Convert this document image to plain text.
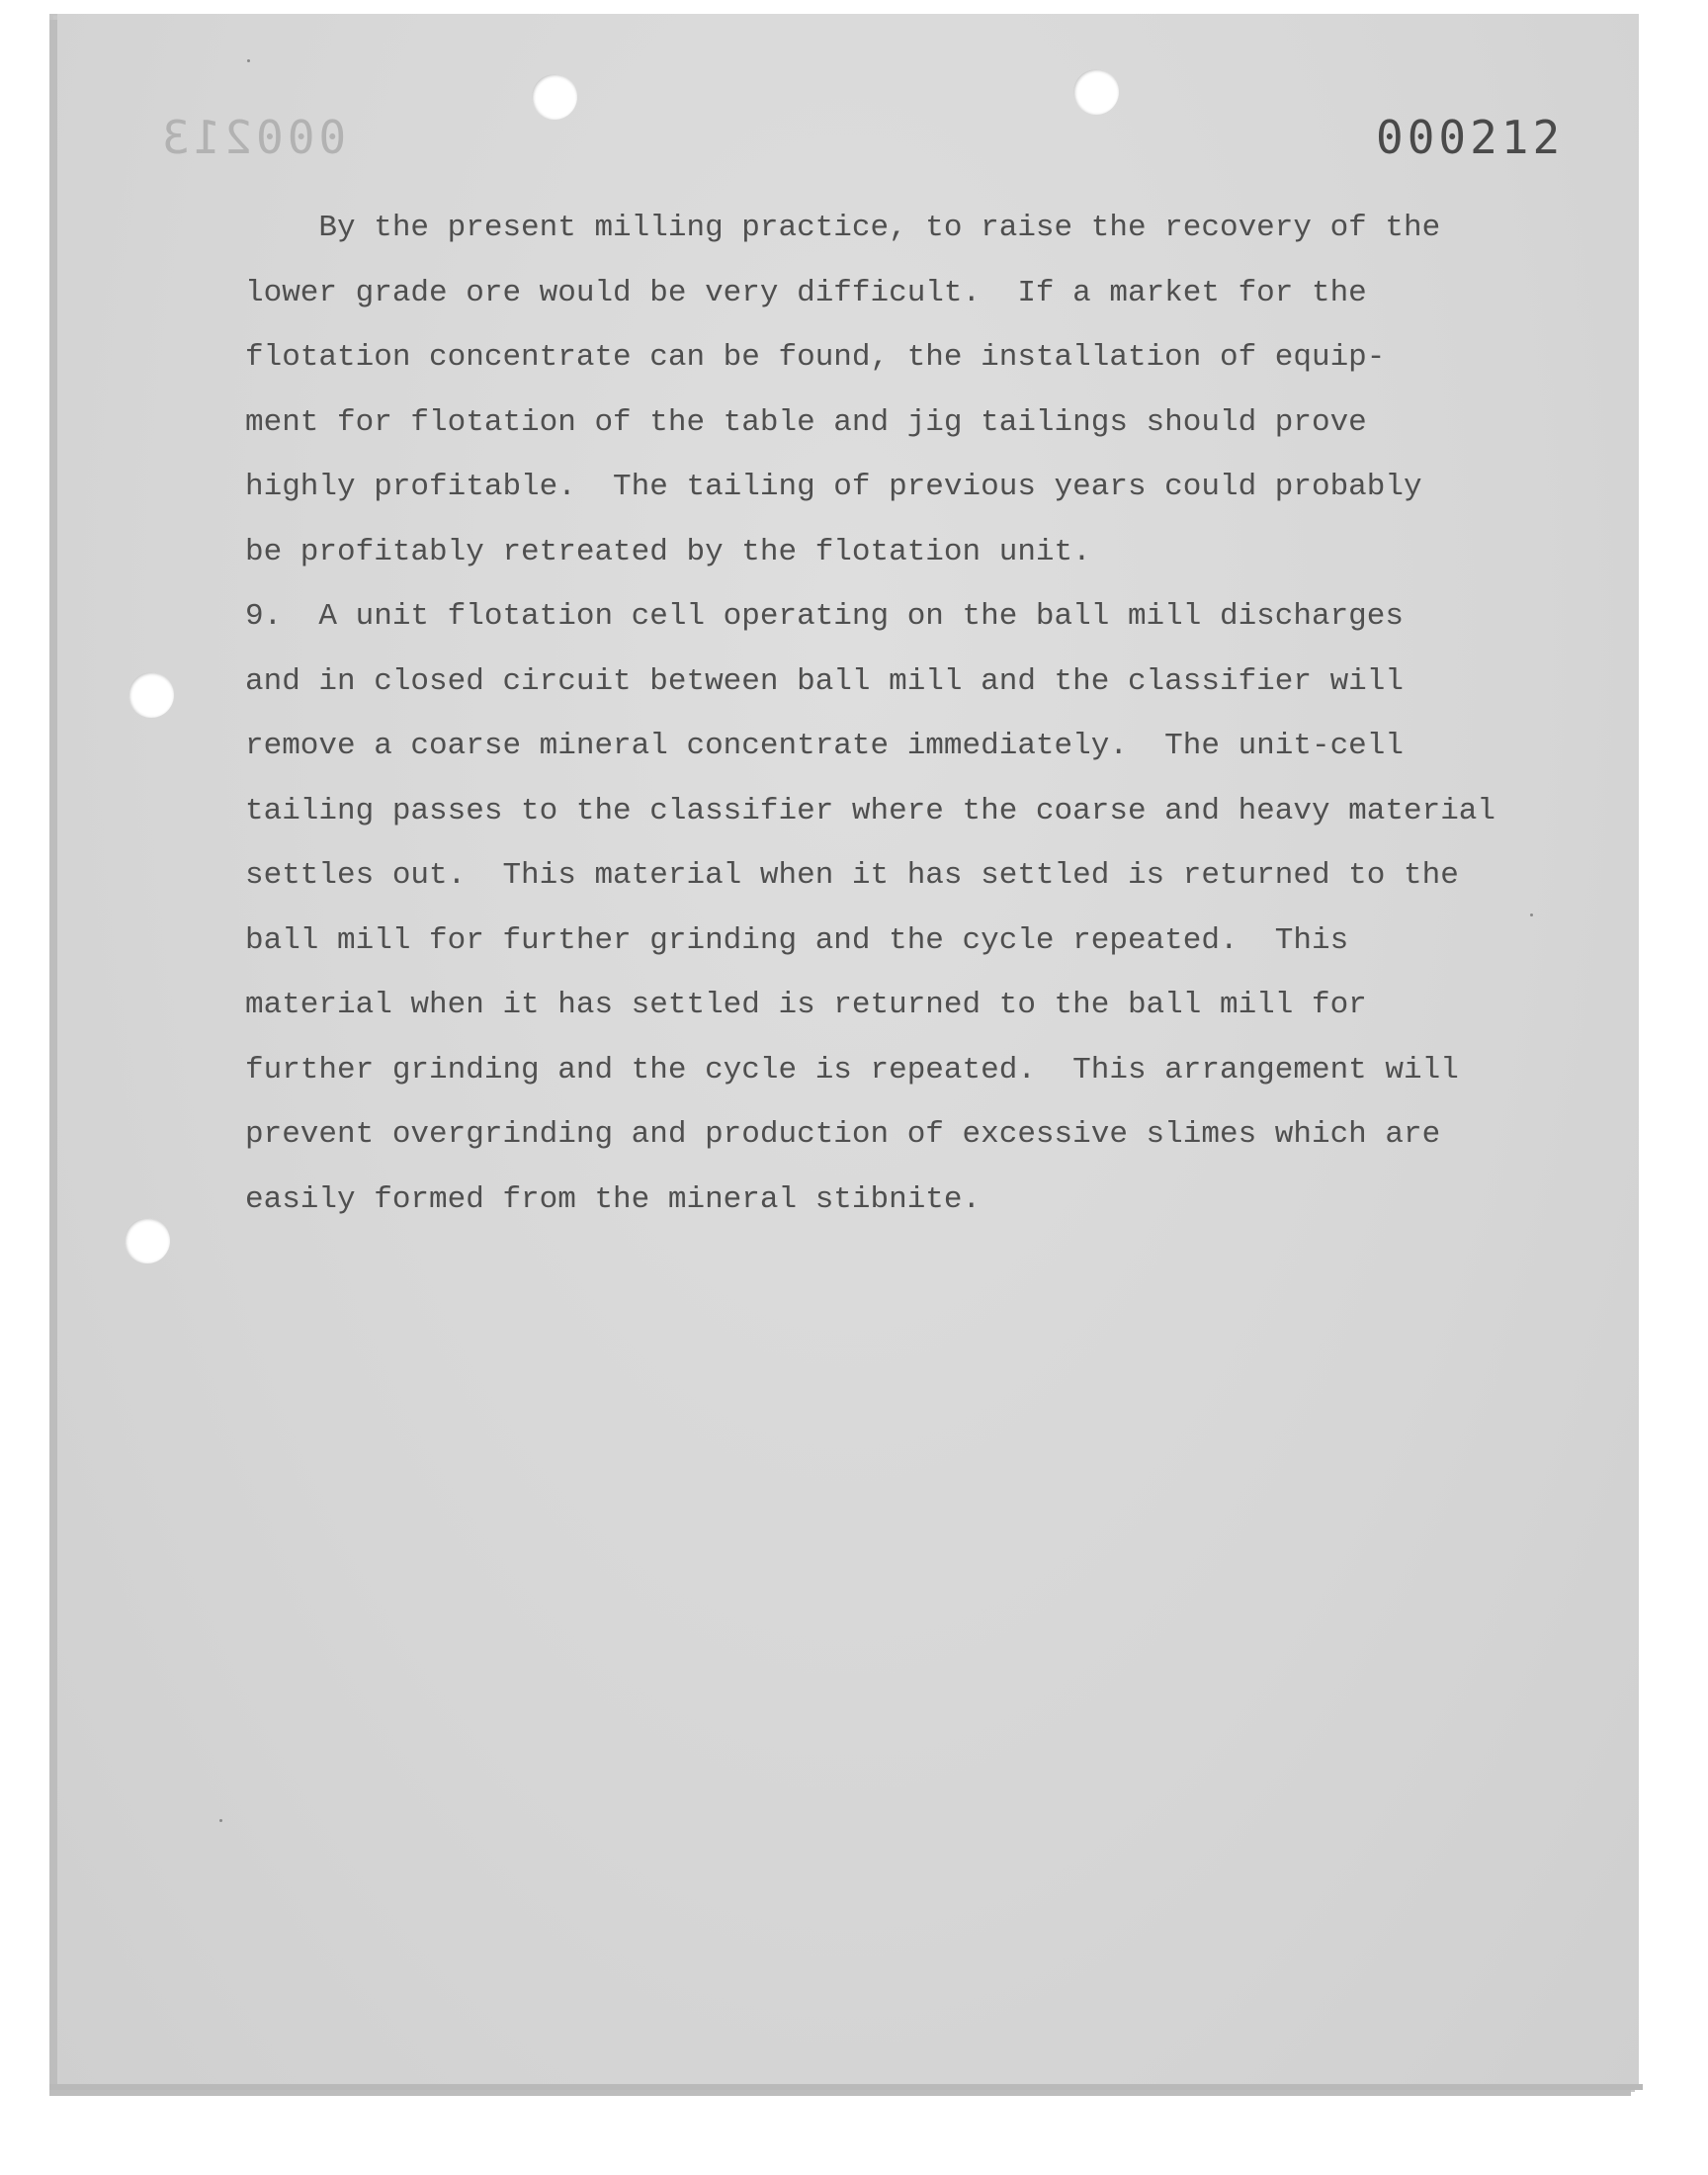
000213	000212
By the present milling practice, to raise the recovery of the
lower grade ore would be very difficult.  If a market for the
flotation concentrate can be found, the installation of equip-
ment for flotation of the table and jig tailings should prove
highly profitable.  The tailing of previous years could probably
be profitably retreated by the flotation unit.
9.  A unit flotation cell operating on the ball mill discharges
and in closed circuit between ball mill and the classifier will
remove a coarse mineral concentrate immediately.  The unit-cell
tailing passes to the classifier where the coarse and heavy material
settles out.  This material when it has settled is returned to the
ball mill for further grinding and the cycle repeated.  This
material when it has settled is returned to the ball mill for
further grinding and the cycle is repeated.  This arrangement will
prevent overgrinding and production of excessive slimes which are
easily formed from the mineral stibnite.
